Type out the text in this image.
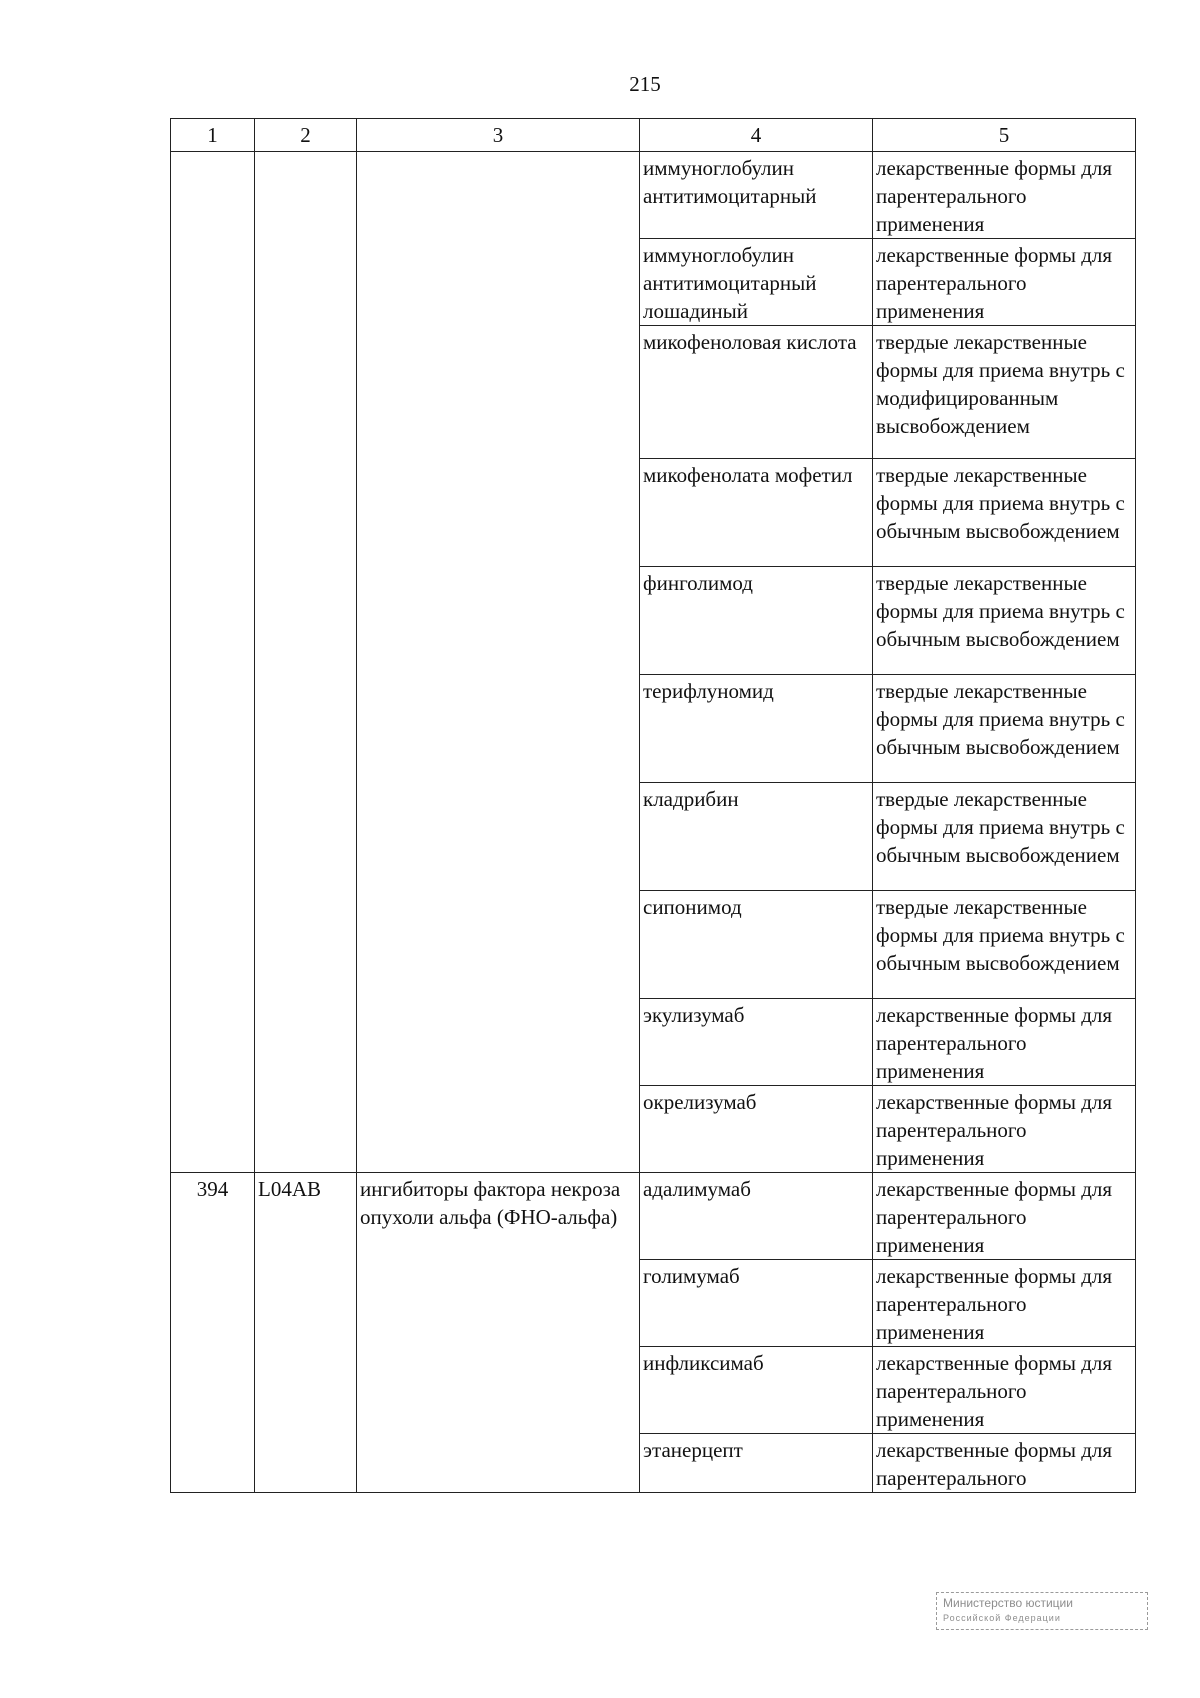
215
1	2	3	4	5
			иммуноглобулин антитимоцитарный	лекарственные формы для парентерального применения
			иммуноглобулин антитимоцитарный лошадиный	лекарственные формы для парентерального применения
			микофеноловая кислота	твердые лекарственные формы для приема внутрь с модифицированным высвобождением
			микофенолата мофетил	твердые лекарственные формы для приема внутрь с обычным высвобождением
			финголимод	твердые лекарственные формы для приема внутрь с обычным высвобождением
			терифлуномид	твердые лекарственные формы для приема внутрь с обычным высвобождением
			кладрибин	твердые лекарственные формы для приема внутрь с обычным высвобождением
			сипонимод	твердые лекарственные формы для приема внутрь с обычным высвобождением
			экулизумаб	лекарственные формы для парентерального применения
			окрелизумаб	лекарственные формы для парентерального применения
394	L04AB	ингибиторы фактора некроза опухоли альфа (ФНО-альфа)	адалимумаб	лекарственные формы для парентерального применения
			голимумаб	лекарственные формы для парентерального применения
			инфликсимаб	лекарственные формы для парентерального применения
			этанерцепт	лекарственные формы для парентерального
Министерство юстиции
Российской Федерации
